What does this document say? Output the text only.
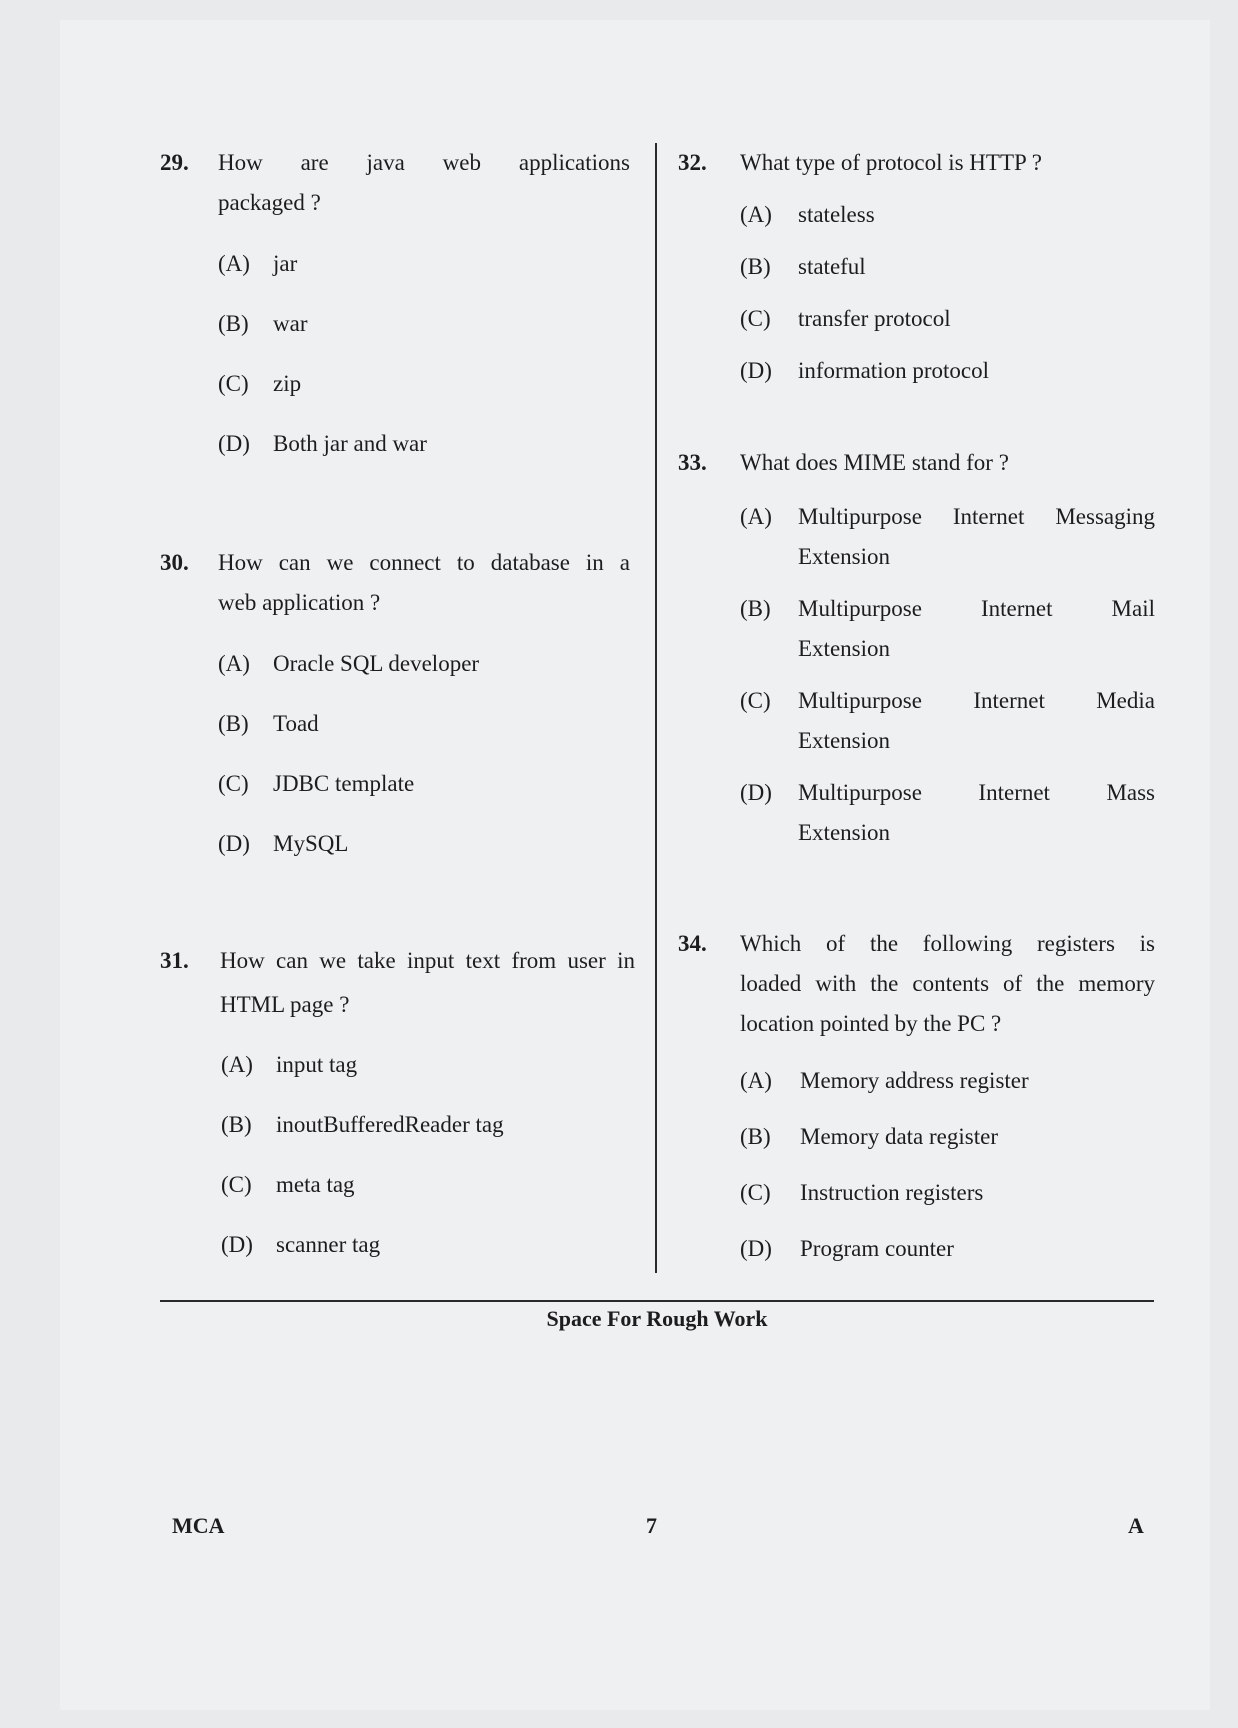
29. How are java web applications
packaged ?
(A) jar
(B) war
(C) zip
(D) Both jar and war
30. How can we connect to database in a
web application ?
(A) Oracle SQL developer
(B) Toad
(C) JDBC template
(D) MySQL
31. How can we take input text from user in
HTML page ?
(A) input tag
(B) inoutBufferedReader tag
(C) meta tag
(D) scanner tag
32. What type of protocol is HTTP ?
(A) stateless
(B) stateful
(C) transfer protocol
(D) information protocol
33. What does MIME stand for ?
(A) Multipurpose Internet Messaging
Extension
(B) Multipurpose Internet Mail
Extension
(C) Multipurpose Internet Media
Extension
(D) Multipurpose Internet Mass
Extension
34. Which of the following registers is
loaded with the contents of the memory
location pointed by the PC ?
(A) Memory address register
(B) Memory data register
(C) Instruction registers
(D) Program counter
Space For Rough Work
MCA	7	A
